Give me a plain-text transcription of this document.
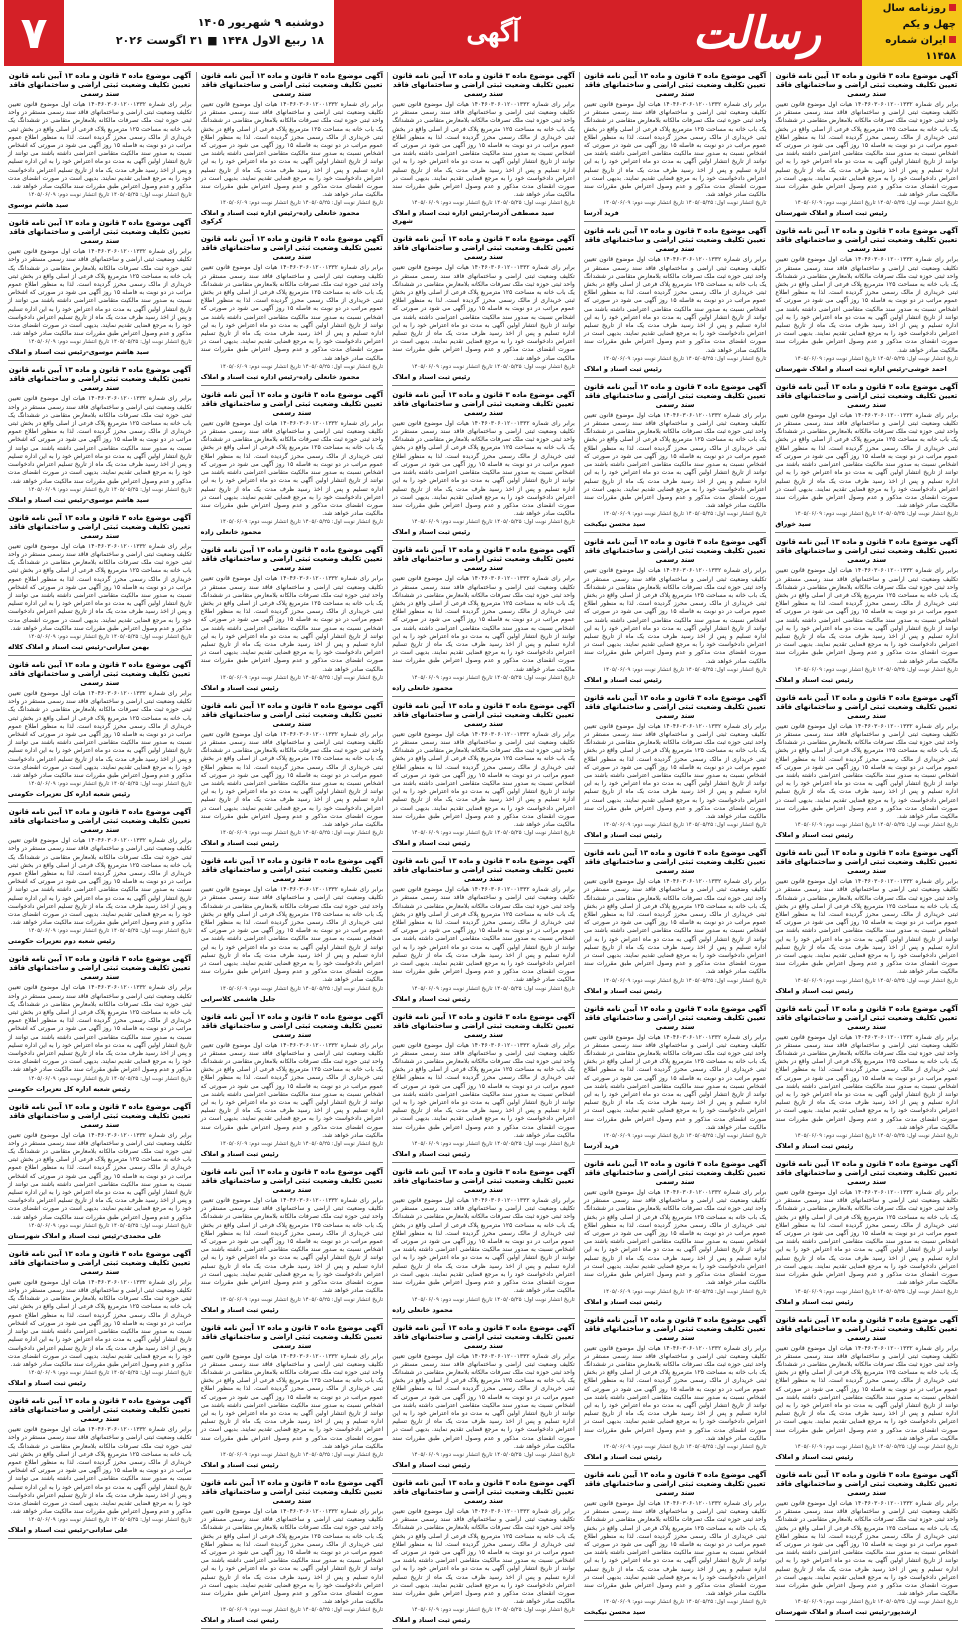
۷	دوشنبه ۹ شهریور ۱۴۰۵
۱۸ ربیع الاول ۱۴۴۸ ■ ۳۱ اگوست ۲۰۲۶	آگهی	رسالت	روزنامه سال چهل و یکم
ایران شماره ۱۱۴۵۸
آگهی موضوع ماده ۳ قانون و ماده ۱۳ آیین نامه قانون تعیین تکلیف وضعیت ثبتی اراضی و ساختمانهای فاقد سند رسمی
برابر رای شماره ۱۴۰۴۶۰۳۰۶۰۱۲۰۰۱۳۳۲ هیات اول موضوع قانون تعیین تکلیف وضعیت ثبتی اراضی و ساختمانهای فاقد سند رسمی مستقر در واحد ثبتی حوزه ثبت ملک تصرفات مالکانه بلامعارض متقاضی در ششدانگ یک باب خانه به مساحت ۱۲۵ مترمربع پلاک فرعی از اصلی واقع در بخش ثبتی خریداری از مالک رسمی محرز گردیده است. لذا به منظور اطلاع عموم مراتب در دو نوبت به فاصله ۱۵ روز آگهی می شود در صورتی که اشخاص نسبت به صدور سند مالکیت متقاضی اعتراضی داشته باشند می توانند از تاریخ انتشار اولین آگهی به مدت دو ماه اعتراض خود را به این اداره تسلیم و پس از اخذ رسید ظرف مدت یک ماه از تاریخ تسلیم اعتراض دادخواست خود را به مرجع قضایی تقدیم نمایند. بدیهی است در صورت انقضای مدت مذکور و عدم وصول اعتراض طبق مقررات سند مالکیت صادر خواهد شد.
تاریخ انتشار نوبت اول: ۱۴۰۵/۰۵/۲۵ تاریخ انتشار نوبت دوم: ۱۴۰۵/۰۶/۰۹
رئیس ثبت اسناد و املاک شهرستان
آگهی موضوع ماده ۳ قانون و ماده ۱۳ آیین نامه قانون تعیین تکلیف وضعیت ثبتی اراضی و ساختمانهای فاقد سند رسمی
برابر رای شماره ۱۴۰۴۶۰۳۰۶۰۱۲۰۰۱۳۳۲ هیات اول موضوع قانون تعیین تکلیف وضعیت ثبتی اراضی و ساختمانهای فاقد سند رسمی مستقر در واحد ثبتی حوزه ثبت ملک تصرفات مالکانه بلامعارض متقاضی در ششدانگ یک باب خانه به مساحت ۱۲۵ مترمربع پلاک فرعی از اصلی واقع در بخش ثبتی خریداری از مالک رسمی محرز گردیده است. لذا به منظور اطلاع عموم مراتب در دو نوبت به فاصله ۱۵ روز آگهی می شود در صورتی که اشخاص نسبت به صدور سند مالکیت متقاضی اعتراضی داشته باشند می توانند از تاریخ انتشار اولین آگهی به مدت دو ماه اعتراض خود را به این اداره تسلیم و پس از اخذ رسید ظرف مدت یک ماه از تاریخ تسلیم اعتراض دادخواست خود را به مرجع قضایی تقدیم نمایند. بدیهی است در صورت انقضای مدت مذکور و عدم وصول اعتراض طبق مقررات سند مالکیت صادر خواهد شد.
تاریخ انتشار نوبت اول: ۱۴۰۵/۰۵/۲۵ تاریخ انتشار نوبت دوم: ۱۴۰۵/۰۶/۰۹
احمد خوشی-رئیس اداره ثبت اسناد و املاک شهرستان
آگهی موضوع ماده ۳ قانون و ماده ۱۳ آیین نامه قانون تعیین تکلیف وضعیت ثبتی اراضی و ساختمانهای فاقد سند رسمی
برابر رای شماره ۱۴۰۴۶۰۳۰۶۰۱۲۰۰۱۳۳۲ هیات اول موضوع قانون تعیین تکلیف وضعیت ثبتی اراضی و ساختمانهای فاقد سند رسمی مستقر در واحد ثبتی حوزه ثبت ملک تصرفات مالکانه بلامعارض متقاضی در ششدانگ یک باب خانه به مساحت ۱۲۵ مترمربع پلاک فرعی از اصلی واقع در بخش ثبتی خریداری از مالک رسمی محرز گردیده است. لذا به منظور اطلاع عموم مراتب در دو نوبت به فاصله ۱۵ روز آگهی می شود در صورتی که اشخاص نسبت به صدور سند مالکیت متقاضی اعتراضی داشته باشند می توانند از تاریخ انتشار اولین آگهی به مدت دو ماه اعتراض خود را به این اداره تسلیم و پس از اخذ رسید ظرف مدت یک ماه از تاریخ تسلیم اعتراض دادخواست خود را به مرجع قضایی تقدیم نمایند. بدیهی است در صورت انقضای مدت مذکور و عدم وصول اعتراض طبق مقررات سند مالکیت صادر خواهد شد.
تاریخ انتشار نوبت اول: ۱۴۰۵/۰۵/۲۵ تاریخ انتشار نوبت دوم: ۱۴۰۵/۰۶/۰۹
سید خوراق
آگهی موضوع ماده ۳ قانون و ماده ۱۳ آیین نامه قانون تعیین تکلیف وضعیت ثبتی اراضی و ساختمانهای فاقد سند رسمی
برابر رای شماره ۱۴۰۴۶۰۳۰۶۰۱۲۰۰۱۳۳۲ هیات اول موضوع قانون تعیین تکلیف وضعیت ثبتی اراضی و ساختمانهای فاقد سند رسمی مستقر در واحد ثبتی حوزه ثبت ملک تصرفات مالکانه بلامعارض متقاضی در ششدانگ یک باب خانه به مساحت ۱۲۵ مترمربع پلاک فرعی از اصلی واقع در بخش ثبتی خریداری از مالک رسمی محرز گردیده است. لذا به منظور اطلاع عموم مراتب در دو نوبت به فاصله ۱۵ روز آگهی می شود در صورتی که اشخاص نسبت به صدور سند مالکیت متقاضی اعتراضی داشته باشند می توانند از تاریخ انتشار اولین آگهی به مدت دو ماه اعتراض خود را به این اداره تسلیم و پس از اخذ رسید ظرف مدت یک ماه از تاریخ تسلیم اعتراض دادخواست خود را به مرجع قضایی تقدیم نمایند. بدیهی است در صورت انقضای مدت مذکور و عدم وصول اعتراض طبق مقررات سند مالکیت صادر خواهد شد.
تاریخ انتشار نوبت اول: ۱۴۰۵/۰۵/۲۵ تاریخ انتشار نوبت دوم: ۱۴۰۵/۰۶/۰۹
رئیس ثبت اسناد و املاک
آگهی موضوع ماده ۳ قانون و ماده ۱۳ آیین نامه قانون تعیین تکلیف وضعیت ثبتی اراضی و ساختمانهای فاقد سند رسمی
برابر رای شماره ۱۴۰۴۶۰۳۰۶۰۱۲۰۰۱۳۳۲ هیات اول موضوع قانون تعیین تکلیف وضعیت ثبتی اراضی و ساختمانهای فاقد سند رسمی مستقر در واحد ثبتی حوزه ثبت ملک تصرفات مالکانه بلامعارض متقاضی در ششدانگ یک باب خانه به مساحت ۱۲۵ مترمربع پلاک فرعی از اصلی واقع در بخش ثبتی خریداری از مالک رسمی محرز گردیده است. لذا به منظور اطلاع عموم مراتب در دو نوبت به فاصله ۱۵ روز آگهی می شود در صورتی که اشخاص نسبت به صدور سند مالکیت متقاضی اعتراضی داشته باشند می توانند از تاریخ انتشار اولین آگهی به مدت دو ماه اعتراض خود را به این اداره تسلیم و پس از اخذ رسید ظرف مدت یک ماه از تاریخ تسلیم اعتراض دادخواست خود را به مرجع قضایی تقدیم نمایند. بدیهی است در صورت انقضای مدت مذکور و عدم وصول اعتراض طبق مقررات سند مالکیت صادر خواهد شد.
تاریخ انتشار نوبت اول: ۱۴۰۵/۰۵/۲۵ تاریخ انتشار نوبت دوم: ۱۴۰۵/۰۶/۰۹
رئیس ثبت اسناد و املاک
آگهی موضوع ماده ۳ قانون و ماده ۱۳ آیین نامه قانون تعیین تکلیف وضعیت ثبتی اراضی و ساختمانهای فاقد سند رسمی
برابر رای شماره ۱۴۰۴۶۰۳۰۶۰۱۲۰۰۱۳۳۲ هیات اول موضوع قانون تعیین تکلیف وضعیت ثبتی اراضی و ساختمانهای فاقد سند رسمی مستقر در واحد ثبتی حوزه ثبت ملک تصرفات مالکانه بلامعارض متقاضی در ششدانگ یک باب خانه به مساحت ۱۲۵ مترمربع پلاک فرعی از اصلی واقع در بخش ثبتی خریداری از مالک رسمی محرز گردیده است. لذا به منظور اطلاع عموم مراتب در دو نوبت به فاصله ۱۵ روز آگهی می شود در صورتی که اشخاص نسبت به صدور سند مالکیت متقاضی اعتراضی داشته باشند می توانند از تاریخ انتشار اولین آگهی به مدت دو ماه اعتراض خود را به این اداره تسلیم و پس از اخذ رسید ظرف مدت یک ماه از تاریخ تسلیم اعتراض دادخواست خود را به مرجع قضایی تقدیم نمایند. بدیهی است در صورت انقضای مدت مذکور و عدم وصول اعتراض طبق مقررات سند مالکیت صادر خواهد شد.
تاریخ انتشار نوبت اول: ۱۴۰۵/۰۵/۲۵ تاریخ انتشار نوبت دوم: ۱۴۰۵/۰۶/۰۹
رئیس ثبت اسناد و املاک
آگهی موضوع ماده ۳ قانون و ماده ۱۳ آیین نامه قانون تعیین تکلیف وضعیت ثبتی اراضی و ساختمانهای فاقد سند رسمی
برابر رای شماره ۱۴۰۴۶۰۳۰۶۰۱۲۰۰۱۳۳۲ هیات اول موضوع قانون تعیین تکلیف وضعیت ثبتی اراضی و ساختمانهای فاقد سند رسمی مستقر در واحد ثبتی حوزه ثبت ملک تصرفات مالکانه بلامعارض متقاضی در ششدانگ یک باب خانه به مساحت ۱۲۵ مترمربع پلاک فرعی از اصلی واقع در بخش ثبتی خریداری از مالک رسمی محرز گردیده است. لذا به منظور اطلاع عموم مراتب در دو نوبت به فاصله ۱۵ روز آگهی می شود در صورتی که اشخاص نسبت به صدور سند مالکیت متقاضی اعتراضی داشته باشند می توانند از تاریخ انتشار اولین آگهی به مدت دو ماه اعتراض خود را به این اداره تسلیم و پس از اخذ رسید ظرف مدت یک ماه از تاریخ تسلیم اعتراض دادخواست خود را به مرجع قضایی تقدیم نمایند. بدیهی است در صورت انقضای مدت مذکور و عدم وصول اعتراض طبق مقررات سند مالکیت صادر خواهد شد.
تاریخ انتشار نوبت اول: ۱۴۰۵/۰۵/۲۵ تاریخ انتشار نوبت دوم: ۱۴۰۵/۰۶/۰۹
رئیس ثبت اسناد و املاک
آگهی موضوع ماده ۳ قانون و ماده ۱۳ آیین نامه قانون تعیین تکلیف وضعیت ثبتی اراضی و ساختمانهای فاقد سند رسمی
برابر رای شماره ۱۴۰۴۶۰۳۰۶۰۱۲۰۰۱۳۳۲ هیات اول موضوع قانون تعیین تکلیف وضعیت ثبتی اراضی و ساختمانهای فاقد سند رسمی مستقر در واحد ثبتی حوزه ثبت ملک تصرفات مالکانه بلامعارض متقاضی در ششدانگ یک باب خانه به مساحت ۱۲۵ مترمربع پلاک فرعی از اصلی واقع در بخش ثبتی خریداری از مالک رسمی محرز گردیده است. لذا به منظور اطلاع عموم مراتب در دو نوبت به فاصله ۱۵ روز آگهی می شود در صورتی که اشخاص نسبت به صدور سند مالکیت متقاضی اعتراضی داشته باشند می توانند از تاریخ انتشار اولین آگهی به مدت دو ماه اعتراض خود را به این اداره تسلیم و پس از اخذ رسید ظرف مدت یک ماه از تاریخ تسلیم اعتراض دادخواست خود را به مرجع قضایی تقدیم نمایند. بدیهی است در صورت انقضای مدت مذکور و عدم وصول اعتراض طبق مقررات سند مالکیت صادر خواهد شد.
تاریخ انتشار نوبت اول: ۱۴۰۵/۰۵/۲۵ تاریخ انتشار نوبت دوم: ۱۴۰۵/۰۶/۰۹
رئیس ثبت اسناد و املاک
آگهی موضوع ماده ۳ قانون و ماده ۱۳ آیین نامه قانون تعیین تکلیف وضعیت ثبتی اراضی و ساختمانهای فاقد سند رسمی
برابر رای شماره ۱۴۰۴۶۰۳۰۶۰۱۲۰۰۱۳۳۲ هیات اول موضوع قانون تعیین تکلیف وضعیت ثبتی اراضی و ساختمانهای فاقد سند رسمی مستقر در واحد ثبتی حوزه ثبت ملک تصرفات مالکانه بلامعارض متقاضی در ششدانگ یک باب خانه به مساحت ۱۲۵ مترمربع پلاک فرعی از اصلی واقع در بخش ثبتی خریداری از مالک رسمی محرز گردیده است. لذا به منظور اطلاع عموم مراتب در دو نوبت به فاصله ۱۵ روز آگهی می شود در صورتی که اشخاص نسبت به صدور سند مالکیت متقاضی اعتراضی داشته باشند می توانند از تاریخ انتشار اولین آگهی به مدت دو ماه اعتراض خود را به این اداره تسلیم و پس از اخذ رسید ظرف مدت یک ماه از تاریخ تسلیم اعتراض دادخواست خود را به مرجع قضایی تقدیم نمایند. بدیهی است در صورت انقضای مدت مذکور و عدم وصول اعتراض طبق مقررات سند مالکیت صادر خواهد شد.
تاریخ انتشار نوبت اول: ۱۴۰۵/۰۵/۲۵ تاریخ انتشار نوبت دوم: ۱۴۰۵/۰۶/۰۹
رئیس ثبت اسناد و املاک
آگهی موضوع ماده ۳ قانون و ماده ۱۳ آیین نامه قانون تعیین تکلیف وضعیت ثبتی اراضی و ساختمانهای فاقد سند رسمی
برابر رای شماره ۱۴۰۴۶۰۳۰۶۰۱۲۰۰۱۳۳۲ هیات اول موضوع قانون تعیین تکلیف وضعیت ثبتی اراضی و ساختمانهای فاقد سند رسمی مستقر در واحد ثبتی حوزه ثبت ملک تصرفات مالکانه بلامعارض متقاضی در ششدانگ یک باب خانه به مساحت ۱۲۵ مترمربع پلاک فرعی از اصلی واقع در بخش ثبتی خریداری از مالک رسمی محرز گردیده است. لذا به منظور اطلاع عموم مراتب در دو نوبت به فاصله ۱۵ روز آگهی می شود در صورتی که اشخاص نسبت به صدور سند مالکیت متقاضی اعتراضی داشته باشند می توانند از تاریخ انتشار اولین آگهی به مدت دو ماه اعتراض خود را به این اداره تسلیم و پس از اخذ رسید ظرف مدت یک ماه از تاریخ تسلیم اعتراض دادخواست خود را به مرجع قضایی تقدیم نمایند. بدیهی است در صورت انقضای مدت مذکور و عدم وصول اعتراض طبق مقررات سند مالکیت صادر خواهد شد.
تاریخ انتشار نوبت اول: ۱۴۰۵/۰۵/۲۵ تاریخ انتشار نوبت دوم: ۱۴۰۵/۰۶/۰۹
ارشدپور-رئیس ثبت اسناد و املاک شهرستان
آگهی موضوع ماده ۳ قانون و ماده ۱۳ آیین نامه قانون تعیین تکلیف وضعیت ثبتی اراضی و ساختمانهای فاقد سند رسمی
برابر رای شماره ۱۴۰۴۶۰۳۰۶۰۱۲۰۰۱۳۳۲ هیات اول موضوع قانون تعیین تکلیف وضعیت ثبتی اراضی و ساختمانهای فاقد سند رسمی مستقر در واحد ثبتی حوزه ثبت ملک تصرفات مالکانه بلامعارض متقاضی در ششدانگ یک باب خانه به مساحت ۱۲۵ مترمربع پلاک فرعی از اصلی واقع در بخش ثبتی خریداری از مالک رسمی محرز گردیده است. لذا به منظور اطلاع عموم مراتب در دو نوبت به فاصله ۱۵ روز آگهی می شود در صورتی که اشخاص نسبت به صدور سند مالکیت متقاضی اعتراضی داشته باشند می توانند از تاریخ انتشار اولین آگهی به مدت دو ماه اعتراض خود را به این اداره تسلیم و پس از اخذ رسید ظرف مدت یک ماه از تاریخ تسلیم اعتراض دادخواست خود را به مرجع قضایی تقدیم نمایند. بدیهی است در صورت انقضای مدت مذکور و عدم وصول اعتراض طبق مقررات سند مالکیت صادر خواهد شد.
تاریخ انتشار نوبت اول: ۱۴۰۵/۰۵/۲۵ تاریخ انتشار نوبت دوم: ۱۴۰۵/۰۶/۰۹
فرید آذرسا
آگهی موضوع ماده ۳ قانون و ماده ۱۳ آیین نامه قانون تعیین تکلیف وضعیت ثبتی اراضی و ساختمانهای فاقد سند رسمی
برابر رای شماره ۱۴۰۴۶۰۳۰۶۰۱۲۰۰۱۳۳۲ هیات اول موضوع قانون تعیین تکلیف وضعیت ثبتی اراضی و ساختمانهای فاقد سند رسمی مستقر در واحد ثبتی حوزه ثبت ملک تصرفات مالکانه بلامعارض متقاضی در ششدانگ یک باب خانه به مساحت ۱۲۵ مترمربع پلاک فرعی از اصلی واقع در بخش ثبتی خریداری از مالک رسمی محرز گردیده است. لذا به منظور اطلاع عموم مراتب در دو نوبت به فاصله ۱۵ روز آگهی می شود در صورتی که اشخاص نسبت به صدور سند مالکیت متقاضی اعتراضی داشته باشند می توانند از تاریخ انتشار اولین آگهی به مدت دو ماه اعتراض خود را به این اداره تسلیم و پس از اخذ رسید ظرف مدت یک ماه از تاریخ تسلیم اعتراض دادخواست خود را به مرجع قضایی تقدیم نمایند. بدیهی است در صورت انقضای مدت مذکور و عدم وصول اعتراض طبق مقررات سند مالکیت صادر خواهد شد.
تاریخ انتشار نوبت اول: ۱۴۰۵/۰۵/۲۵ تاریخ انتشار نوبت دوم: ۱۴۰۵/۰۶/۰۹
رئیس ثبت اسناد و املاک
آگهی موضوع ماده ۳ قانون و ماده ۱۳ آیین نامه قانون تعیین تکلیف وضعیت ثبتی اراضی و ساختمانهای فاقد سند رسمی
برابر رای شماره ۱۴۰۴۶۰۳۰۶۰۱۲۰۰۱۳۳۲ هیات اول موضوع قانون تعیین تکلیف وضعیت ثبتی اراضی و ساختمانهای فاقد سند رسمی مستقر در واحد ثبتی حوزه ثبت ملک تصرفات مالکانه بلامعارض متقاضی در ششدانگ یک باب خانه به مساحت ۱۲۵ مترمربع پلاک فرعی از اصلی واقع در بخش ثبتی خریداری از مالک رسمی محرز گردیده است. لذا به منظور اطلاع عموم مراتب در دو نوبت به فاصله ۱۵ روز آگهی می شود در صورتی که اشخاص نسبت به صدور سند مالکیت متقاضی اعتراضی داشته باشند می توانند از تاریخ انتشار اولین آگهی به مدت دو ماه اعتراض خود را به این اداره تسلیم و پس از اخذ رسید ظرف مدت یک ماه از تاریخ تسلیم اعتراض دادخواست خود را به مرجع قضایی تقدیم نمایند. بدیهی است در صورت انقضای مدت مذکور و عدم وصول اعتراض طبق مقررات سند مالکیت صادر خواهد شد.
تاریخ انتشار نوبت اول: ۱۴۰۵/۰۵/۲۵ تاریخ انتشار نوبت دوم: ۱۴۰۵/۰۶/۰۹
سید محسن نیکبخت
آگهی موضوع ماده ۳ قانون و ماده ۱۳ آیین نامه قانون تعیین تکلیف وضعیت ثبتی اراضی و ساختمانهای فاقد سند رسمی
برابر رای شماره ۱۴۰۴۶۰۳۰۶۰۱۲۰۰۱۳۳۲ هیات اول موضوع قانون تعیین تکلیف وضعیت ثبتی اراضی و ساختمانهای فاقد سند رسمی مستقر در واحد ثبتی حوزه ثبت ملک تصرفات مالکانه بلامعارض متقاضی در ششدانگ یک باب خانه به مساحت ۱۲۵ مترمربع پلاک فرعی از اصلی واقع در بخش ثبتی خریداری از مالک رسمی محرز گردیده است. لذا به منظور اطلاع عموم مراتب در دو نوبت به فاصله ۱۵ روز آگهی می شود در صورتی که اشخاص نسبت به صدور سند مالکیت متقاضی اعتراضی داشته باشند می توانند از تاریخ انتشار اولین آگهی به مدت دو ماه اعتراض خود را به این اداره تسلیم و پس از اخذ رسید ظرف مدت یک ماه از تاریخ تسلیم اعتراض دادخواست خود را به مرجع قضایی تقدیم نمایند. بدیهی است در صورت انقضای مدت مذکور و عدم وصول اعتراض طبق مقررات سند مالکیت صادر خواهد شد.
تاریخ انتشار نوبت اول: ۱۴۰۵/۰۵/۲۵ تاریخ انتشار نوبت دوم: ۱۴۰۵/۰۶/۰۹
رئیس ثبت اسناد و املاک
آگهی موضوع ماده ۳ قانون و ماده ۱۳ آیین نامه قانون تعیین تکلیف وضعیت ثبتی اراضی و ساختمانهای فاقد سند رسمی
برابر رای شماره ۱۴۰۴۶۰۳۰۶۰۱۲۰۰۱۳۳۲ هیات اول موضوع قانون تعیین تکلیف وضعیت ثبتی اراضی و ساختمانهای فاقد سند رسمی مستقر در واحد ثبتی حوزه ثبت ملک تصرفات مالکانه بلامعارض متقاضی در ششدانگ یک باب خانه به مساحت ۱۲۵ مترمربع پلاک فرعی از اصلی واقع در بخش ثبتی خریداری از مالک رسمی محرز گردیده است. لذا به منظور اطلاع عموم مراتب در دو نوبت به فاصله ۱۵ روز آگهی می شود در صورتی که اشخاص نسبت به صدور سند مالکیت متقاضی اعتراضی داشته باشند می توانند از تاریخ انتشار اولین آگهی به مدت دو ماه اعتراض خود را به این اداره تسلیم و پس از اخذ رسید ظرف مدت یک ماه از تاریخ تسلیم اعتراض دادخواست خود را به مرجع قضایی تقدیم نمایند. بدیهی است در صورت انقضای مدت مذکور و عدم وصول اعتراض طبق مقررات سند مالکیت صادر خواهد شد.
تاریخ انتشار نوبت اول: ۱۴۰۵/۰۵/۲۵ تاریخ انتشار نوبت دوم: ۱۴۰۵/۰۶/۰۹
رئیس ثبت اسناد و املاک
آگهی موضوع ماده ۳ قانون و ماده ۱۳ آیین نامه قانون تعیین تکلیف وضعیت ثبتی اراضی و ساختمانهای فاقد سند رسمی
برابر رای شماره ۱۴۰۴۶۰۳۰۶۰۱۲۰۰۱۳۳۲ هیات اول موضوع قانون تعیین تکلیف وضعیت ثبتی اراضی و ساختمانهای فاقد سند رسمی مستقر در واحد ثبتی حوزه ثبت ملک تصرفات مالکانه بلامعارض متقاضی در ششدانگ یک باب خانه به مساحت ۱۲۵ مترمربع پلاک فرعی از اصلی واقع در بخش ثبتی خریداری از مالک رسمی محرز گردیده است. لذا به منظور اطلاع عموم مراتب در دو نوبت به فاصله ۱۵ روز آگهی می شود در صورتی که اشخاص نسبت به صدور سند مالکیت متقاضی اعتراضی داشته باشند می توانند از تاریخ انتشار اولین آگهی به مدت دو ماه اعتراض خود را به این اداره تسلیم و پس از اخذ رسید ظرف مدت یک ماه از تاریخ تسلیم اعتراض دادخواست خود را به مرجع قضایی تقدیم نمایند. بدیهی است در صورت انقضای مدت مذکور و عدم وصول اعتراض طبق مقررات سند مالکیت صادر خواهد شد.
تاریخ انتشار نوبت اول: ۱۴۰۵/۰۵/۲۵ تاریخ انتشار نوبت دوم: ۱۴۰۵/۰۶/۰۹
رئیس ثبت اسناد و املاک
آگهی موضوع ماده ۳ قانون و ماده ۱۳ آیین نامه قانون تعیین تکلیف وضعیت ثبتی اراضی و ساختمانهای فاقد سند رسمی
برابر رای شماره ۱۴۰۴۶۰۳۰۶۰۱۲۰۰۱۳۳۲ هیات اول موضوع قانون تعیین تکلیف وضعیت ثبتی اراضی و ساختمانهای فاقد سند رسمی مستقر در واحد ثبتی حوزه ثبت ملک تصرفات مالکانه بلامعارض متقاضی در ششدانگ یک باب خانه به مساحت ۱۲۵ مترمربع پلاک فرعی از اصلی واقع در بخش ثبتی خریداری از مالک رسمی محرز گردیده است. لذا به منظور اطلاع عموم مراتب در دو نوبت به فاصله ۱۵ روز آگهی می شود در صورتی که اشخاص نسبت به صدور سند مالکیت متقاضی اعتراضی داشته باشند می توانند از تاریخ انتشار اولین آگهی به مدت دو ماه اعتراض خود را به این اداره تسلیم و پس از اخذ رسید ظرف مدت یک ماه از تاریخ تسلیم اعتراض دادخواست خود را به مرجع قضایی تقدیم نمایند. بدیهی است در صورت انقضای مدت مذکور و عدم وصول اعتراض طبق مقررات سند مالکیت صادر خواهد شد.
تاریخ انتشار نوبت اول: ۱۴۰۵/۰۵/۲۵ تاریخ انتشار نوبت دوم: ۱۴۰۵/۰۶/۰۹
فرید آذرسا
آگهی موضوع ماده ۳ قانون و ماده ۱۳ آیین نامه قانون تعیین تکلیف وضعیت ثبتی اراضی و ساختمانهای فاقد سند رسمی
برابر رای شماره ۱۴۰۴۶۰۳۰۶۰۱۲۰۰۱۳۳۲ هیات اول موضوع قانون تعیین تکلیف وضعیت ثبتی اراضی و ساختمانهای فاقد سند رسمی مستقر در واحد ثبتی حوزه ثبت ملک تصرفات مالکانه بلامعارض متقاضی در ششدانگ یک باب خانه به مساحت ۱۲۵ مترمربع پلاک فرعی از اصلی واقع در بخش ثبتی خریداری از مالک رسمی محرز گردیده است. لذا به منظور اطلاع عموم مراتب در دو نوبت به فاصله ۱۵ روز آگهی می شود در صورتی که اشخاص نسبت به صدور سند مالکیت متقاضی اعتراضی داشته باشند می توانند از تاریخ انتشار اولین آگهی به مدت دو ماه اعتراض خود را به این اداره تسلیم و پس از اخذ رسید ظرف مدت یک ماه از تاریخ تسلیم اعتراض دادخواست خود را به مرجع قضایی تقدیم نمایند. بدیهی است در صورت انقضای مدت مذکور و عدم وصول اعتراض طبق مقررات سند مالکیت صادر خواهد شد.
تاریخ انتشار نوبت اول: ۱۴۰۵/۰۵/۲۵ تاریخ انتشار نوبت دوم: ۱۴۰۵/۰۶/۰۹
رئیس ثبت اسناد و املاک
آگهی موضوع ماده ۳ قانون و ماده ۱۳ آیین نامه قانون تعیین تکلیف وضعیت ثبتی اراضی و ساختمانهای فاقد سند رسمی
برابر رای شماره ۱۴۰۴۶۰۳۰۶۰۱۲۰۰۱۳۳۲ هیات اول موضوع قانون تعیین تکلیف وضعیت ثبتی اراضی و ساختمانهای فاقد سند رسمی مستقر در واحد ثبتی حوزه ثبت ملک تصرفات مالکانه بلامعارض متقاضی در ششدانگ یک باب خانه به مساحت ۱۲۵ مترمربع پلاک فرعی از اصلی واقع در بخش ثبتی خریداری از مالک رسمی محرز گردیده است. لذا به منظور اطلاع عموم مراتب در دو نوبت به فاصله ۱۵ روز آگهی می شود در صورتی که اشخاص نسبت به صدور سند مالکیت متقاضی اعتراضی داشته باشند می توانند از تاریخ انتشار اولین آگهی به مدت دو ماه اعتراض خود را به این اداره تسلیم و پس از اخذ رسید ظرف مدت یک ماه از تاریخ تسلیم اعتراض دادخواست خود را به مرجع قضایی تقدیم نمایند. بدیهی است در صورت انقضای مدت مذکور و عدم وصول اعتراض طبق مقررات سند مالکیت صادر خواهد شد.
تاریخ انتشار نوبت اول: ۱۴۰۵/۰۵/۲۵ تاریخ انتشار نوبت دوم: ۱۴۰۵/۰۶/۰۹
رئیس ثبت اسناد و املاک
آگهی موضوع ماده ۳ قانون و ماده ۱۳ آیین نامه قانون تعیین تکلیف وضعیت ثبتی اراضی و ساختمانهای فاقد سند رسمی
برابر رای شماره ۱۴۰۴۶۰۳۰۶۰۱۲۰۰۱۳۳۲ هیات اول موضوع قانون تعیین تکلیف وضعیت ثبتی اراضی و ساختمانهای فاقد سند رسمی مستقر در واحد ثبتی حوزه ثبت ملک تصرفات مالکانه بلامعارض متقاضی در ششدانگ یک باب خانه به مساحت ۱۲۵ مترمربع پلاک فرعی از اصلی واقع در بخش ثبتی خریداری از مالک رسمی محرز گردیده است. لذا به منظور اطلاع عموم مراتب در دو نوبت به فاصله ۱۵ روز آگهی می شود در صورتی که اشخاص نسبت به صدور سند مالکیت متقاضی اعتراضی داشته باشند می توانند از تاریخ انتشار اولین آگهی به مدت دو ماه اعتراض خود را به این اداره تسلیم و پس از اخذ رسید ظرف مدت یک ماه از تاریخ تسلیم اعتراض دادخواست خود را به مرجع قضایی تقدیم نمایند. بدیهی است در صورت انقضای مدت مذکور و عدم وصول اعتراض طبق مقررات سند مالکیت صادر خواهد شد.
تاریخ انتشار نوبت اول: ۱۴۰۵/۰۵/۲۵ تاریخ انتشار نوبت دوم: ۱۴۰۵/۰۶/۰۹
سید محسن نیکبخت
آگهی موضوع ماده ۳ قانون و ماده ۱۳ آیین نامه قانون تعیین تکلیف وضعیت ثبتی اراضی و ساختمانهای فاقد سند رسمی
برابر رای شماره ۱۴۰۴۶۰۳۰۶۰۱۲۰۰۱۳۳۲ هیات اول موضوع قانون تعیین تکلیف وضعیت ثبتی اراضی و ساختمانهای فاقد سند رسمی مستقر در واحد ثبتی حوزه ثبت ملک تصرفات مالکانه بلامعارض متقاضی در ششدانگ یک باب خانه به مساحت ۱۲۵ مترمربع پلاک فرعی از اصلی واقع در بخش ثبتی خریداری از مالک رسمی محرز گردیده است. لذا به منظور اطلاع عموم مراتب در دو نوبت به فاصله ۱۵ روز آگهی می شود در صورتی که اشخاص نسبت به صدور سند مالکیت متقاضی اعتراضی داشته باشند می توانند از تاریخ انتشار اولین آگهی به مدت دو ماه اعتراض خود را به این اداره تسلیم و پس از اخذ رسید ظرف مدت یک ماه از تاریخ تسلیم اعتراض دادخواست خود را به مرجع قضایی تقدیم نمایند. بدیهی است در صورت انقضای مدت مذکور و عدم وصول اعتراض طبق مقررات سند مالکیت صادر خواهد شد.
تاریخ انتشار نوبت اول: ۱۴۰۵/۰۵/۲۵ تاریخ انتشار نوبت دوم: ۱۴۰۵/۰۶/۰۹
سید مصطفی آذرسا-رئیس اداره ثبت اسناد و املاک شهری
آگهی موضوع ماده ۳ قانون و ماده ۱۳ آیین نامه قانون تعیین تکلیف وضعیت ثبتی اراضی و ساختمانهای فاقد سند رسمی
برابر رای شماره ۱۴۰۴۶۰۳۰۶۰۱۲۰۰۱۳۳۲ هیات اول موضوع قانون تعیین تکلیف وضعیت ثبتی اراضی و ساختمانهای فاقد سند رسمی مستقر در واحد ثبتی حوزه ثبت ملک تصرفات مالکانه بلامعارض متقاضی در ششدانگ یک باب خانه به مساحت ۱۲۵ مترمربع پلاک فرعی از اصلی واقع در بخش ثبتی خریداری از مالک رسمی محرز گردیده است. لذا به منظور اطلاع عموم مراتب در دو نوبت به فاصله ۱۵ روز آگهی می شود در صورتی که اشخاص نسبت به صدور سند مالکیت متقاضی اعتراضی داشته باشند می توانند از تاریخ انتشار اولین آگهی به مدت دو ماه اعتراض خود را به این اداره تسلیم و پس از اخذ رسید ظرف مدت یک ماه از تاریخ تسلیم اعتراض دادخواست خود را به مرجع قضایی تقدیم نمایند. بدیهی است در صورت انقضای مدت مذکور و عدم وصول اعتراض طبق مقررات سند مالکیت صادر خواهد شد.
تاریخ انتشار نوبت اول: ۱۴۰۵/۰۵/۲۵ تاریخ انتشار نوبت دوم: ۱۴۰۵/۰۶/۰۹
رئیس ثبت اسناد و املاک
آگهی موضوع ماده ۳ قانون و ماده ۱۳ آیین نامه قانون تعیین تکلیف وضعیت ثبتی اراضی و ساختمانهای فاقد سند رسمی
برابر رای شماره ۱۴۰۴۶۰۳۰۶۰۱۲۰۰۱۳۳۲ هیات اول موضوع قانون تعیین تکلیف وضعیت ثبتی اراضی و ساختمانهای فاقد سند رسمی مستقر در واحد ثبتی حوزه ثبت ملک تصرفات مالکانه بلامعارض متقاضی در ششدانگ یک باب خانه به مساحت ۱۲۵ مترمربع پلاک فرعی از اصلی واقع در بخش ثبتی خریداری از مالک رسمی محرز گردیده است. لذا به منظور اطلاع عموم مراتب در دو نوبت به فاصله ۱۵ روز آگهی می شود در صورتی که اشخاص نسبت به صدور سند مالکیت متقاضی اعتراضی داشته باشند می توانند از تاریخ انتشار اولین آگهی به مدت دو ماه اعتراض خود را به این اداره تسلیم و پس از اخذ رسید ظرف مدت یک ماه از تاریخ تسلیم اعتراض دادخواست خود را به مرجع قضایی تقدیم نمایند. بدیهی است در صورت انقضای مدت مذکور و عدم وصول اعتراض طبق مقررات سند مالکیت صادر خواهد شد.
تاریخ انتشار نوبت اول: ۱۴۰۵/۰۵/۲۵ تاریخ انتشار نوبت دوم: ۱۴۰۵/۰۶/۰۹
رئیس ثبت اسناد و املاک
آگهی موضوع ماده ۳ قانون و ماده ۱۳ آیین نامه قانون تعیین تکلیف وضعیت ثبتی اراضی و ساختمانهای فاقد سند رسمی
برابر رای شماره ۱۴۰۴۶۰۳۰۶۰۱۲۰۰۱۳۳۲ هیات اول موضوع قانون تعیین تکلیف وضعیت ثبتی اراضی و ساختمانهای فاقد سند رسمی مستقر در واحد ثبتی حوزه ثبت ملک تصرفات مالکانه بلامعارض متقاضی در ششدانگ یک باب خانه به مساحت ۱۲۵ مترمربع پلاک فرعی از اصلی واقع در بخش ثبتی خریداری از مالک رسمی محرز گردیده است. لذا به منظور اطلاع عموم مراتب در دو نوبت به فاصله ۱۵ روز آگهی می شود در صورتی که اشخاص نسبت به صدور سند مالکیت متقاضی اعتراضی داشته باشند می توانند از تاریخ انتشار اولین آگهی به مدت دو ماه اعتراض خود را به این اداره تسلیم و پس از اخذ رسید ظرف مدت یک ماه از تاریخ تسلیم اعتراض دادخواست خود را به مرجع قضایی تقدیم نمایند. بدیهی است در صورت انقضای مدت مذکور و عدم وصول اعتراض طبق مقررات سند مالکیت صادر خواهد شد.
تاریخ انتشار نوبت اول: ۱۴۰۵/۰۵/۲۵ تاریخ انتشار نوبت دوم: ۱۴۰۵/۰۶/۰۹
محمود خانعلی زاده
آگهی موضوع ماده ۳ قانون و ماده ۱۳ آیین نامه قانون تعیین تکلیف وضعیت ثبتی اراضی و ساختمانهای فاقد سند رسمی
برابر رای شماره ۱۴۰۴۶۰۳۰۶۰۱۲۰۰۱۳۳۲ هیات اول موضوع قانون تعیین تکلیف وضعیت ثبتی اراضی و ساختمانهای فاقد سند رسمی مستقر در واحد ثبتی حوزه ثبت ملک تصرفات مالکانه بلامعارض متقاضی در ششدانگ یک باب خانه به مساحت ۱۲۵ مترمربع پلاک فرعی از اصلی واقع در بخش ثبتی خریداری از مالک رسمی محرز گردیده است. لذا به منظور اطلاع عموم مراتب در دو نوبت به فاصله ۱۵ روز آگهی می شود در صورتی که اشخاص نسبت به صدور سند مالکیت متقاضی اعتراضی داشته باشند می توانند از تاریخ انتشار اولین آگهی به مدت دو ماه اعتراض خود را به این اداره تسلیم و پس از اخذ رسید ظرف مدت یک ماه از تاریخ تسلیم اعتراض دادخواست خود را به مرجع قضایی تقدیم نمایند. بدیهی است در صورت انقضای مدت مذکور و عدم وصول اعتراض طبق مقررات سند مالکیت صادر خواهد شد.
تاریخ انتشار نوبت اول: ۱۴۰۵/۰۵/۲۵ تاریخ انتشار نوبت دوم: ۱۴۰۵/۰۶/۰۹
رئیس ثبت اسناد و املاک
آگهی موضوع ماده ۳ قانون و ماده ۱۳ آیین نامه قانون تعیین تکلیف وضعیت ثبتی اراضی و ساختمانهای فاقد سند رسمی
برابر رای شماره ۱۴۰۴۶۰۳۰۶۰۱۲۰۰۱۳۳۲ هیات اول موضوع قانون تعیین تکلیف وضعیت ثبتی اراضی و ساختمانهای فاقد سند رسمی مستقر در واحد ثبتی حوزه ثبت ملک تصرفات مالکانه بلامعارض متقاضی در ششدانگ یک باب خانه به مساحت ۱۲۵ مترمربع پلاک فرعی از اصلی واقع در بخش ثبتی خریداری از مالک رسمی محرز گردیده است. لذا به منظور اطلاع عموم مراتب در دو نوبت به فاصله ۱۵ روز آگهی می شود در صورتی که اشخاص نسبت به صدور سند مالکیت متقاضی اعتراضی داشته باشند می توانند از تاریخ انتشار اولین آگهی به مدت دو ماه اعتراض خود را به این اداره تسلیم و پس از اخذ رسید ظرف مدت یک ماه از تاریخ تسلیم اعتراض دادخواست خود را به مرجع قضایی تقدیم نمایند. بدیهی است در صورت انقضای مدت مذکور و عدم وصول اعتراض طبق مقررات سند مالکیت صادر خواهد شد.
تاریخ انتشار نوبت اول: ۱۴۰۵/۰۵/۲۵ تاریخ انتشار نوبت دوم: ۱۴۰۵/۰۶/۰۹
رئیس ثبت اسناد و املاک
آگهی موضوع ماده ۳ قانون و ماده ۱۳ آیین نامه قانون تعیین تکلیف وضعیت ثبتی اراضی و ساختمانهای فاقد سند رسمی
برابر رای شماره ۱۴۰۴۶۰۳۰۶۰۱۲۰۰۱۳۳۲ هیات اول موضوع قانون تعیین تکلیف وضعیت ثبتی اراضی و ساختمانهای فاقد سند رسمی مستقر در واحد ثبتی حوزه ثبت ملک تصرفات مالکانه بلامعارض متقاضی در ششدانگ یک باب خانه به مساحت ۱۲۵ مترمربع پلاک فرعی از اصلی واقع در بخش ثبتی خریداری از مالک رسمی محرز گردیده است. لذا به منظور اطلاع عموم مراتب در دو نوبت به فاصله ۱۵ روز آگهی می شود در صورتی که اشخاص نسبت به صدور سند مالکیت متقاضی اعتراضی داشته باشند می توانند از تاریخ انتشار اولین آگهی به مدت دو ماه اعتراض خود را به این اداره تسلیم و پس از اخذ رسید ظرف مدت یک ماه از تاریخ تسلیم اعتراض دادخواست خود را به مرجع قضایی تقدیم نمایند. بدیهی است در صورت انقضای مدت مذکور و عدم وصول اعتراض طبق مقررات سند مالکیت صادر خواهد شد.
تاریخ انتشار نوبت اول: ۱۴۰۵/۰۵/۲۵ تاریخ انتشار نوبت دوم: ۱۴۰۵/۰۶/۰۹
رئیس ثبت اسناد و املاک
آگهی موضوع ماده ۳ قانون و ماده ۱۳ آیین نامه قانون تعیین تکلیف وضعیت ثبتی اراضی و ساختمانهای فاقد سند رسمی
برابر رای شماره ۱۴۰۴۶۰۳۰۶۰۱۲۰۰۱۳۳۲ هیات اول موضوع قانون تعیین تکلیف وضعیت ثبتی اراضی و ساختمانهای فاقد سند رسمی مستقر در واحد ثبتی حوزه ثبت ملک تصرفات مالکانه بلامعارض متقاضی در ششدانگ یک باب خانه به مساحت ۱۲۵ مترمربع پلاک فرعی از اصلی واقع در بخش ثبتی خریداری از مالک رسمی محرز گردیده است. لذا به منظور اطلاع عموم مراتب در دو نوبت به فاصله ۱۵ روز آگهی می شود در صورتی که اشخاص نسبت به صدور سند مالکیت متقاضی اعتراضی داشته باشند می توانند از تاریخ انتشار اولین آگهی به مدت دو ماه اعتراض خود را به این اداره تسلیم و پس از اخذ رسید ظرف مدت یک ماه از تاریخ تسلیم اعتراض دادخواست خود را به مرجع قضایی تقدیم نمایند. بدیهی است در صورت انقضای مدت مذکور و عدم وصول اعتراض طبق مقررات سند مالکیت صادر خواهد شد.
تاریخ انتشار نوبت اول: ۱۴۰۵/۰۵/۲۵ تاریخ انتشار نوبت دوم: ۱۴۰۵/۰۶/۰۹
محمود خانعلی زاده
آگهی موضوع ماده ۳ قانون و ماده ۱۳ آیین نامه قانون تعیین تکلیف وضعیت ثبتی اراضی و ساختمانهای فاقد سند رسمی
برابر رای شماره ۱۴۰۴۶۰۳۰۶۰۱۲۰۰۱۳۳۲ هیات اول موضوع قانون تعیین تکلیف وضعیت ثبتی اراضی و ساختمانهای فاقد سند رسمی مستقر در واحد ثبتی حوزه ثبت ملک تصرفات مالکانه بلامعارض متقاضی در ششدانگ یک باب خانه به مساحت ۱۲۵ مترمربع پلاک فرعی از اصلی واقع در بخش ثبتی خریداری از مالک رسمی محرز گردیده است. لذا به منظور اطلاع عموم مراتب در دو نوبت به فاصله ۱۵ روز آگهی می شود در صورتی که اشخاص نسبت به صدور سند مالکیت متقاضی اعتراضی داشته باشند می توانند از تاریخ انتشار اولین آگهی به مدت دو ماه اعتراض خود را به این اداره تسلیم و پس از اخذ رسید ظرف مدت یک ماه از تاریخ تسلیم اعتراض دادخواست خود را به مرجع قضایی تقدیم نمایند. بدیهی است در صورت انقضای مدت مذکور و عدم وصول اعتراض طبق مقررات سند مالکیت صادر خواهد شد.
تاریخ انتشار نوبت اول: ۱۴۰۵/۰۵/۲۵ تاریخ انتشار نوبت دوم: ۱۴۰۵/۰۶/۰۹
رئیس ثبت اسناد و املاک
آگهی موضوع ماده ۳ قانون و ماده ۱۳ آیین نامه قانون تعیین تکلیف وضعیت ثبتی اراضی و ساختمانهای فاقد سند رسمی
برابر رای شماره ۱۴۰۴۶۰۳۰۶۰۱۲۰۰۱۳۳۲ هیات اول موضوع قانون تعیین تکلیف وضعیت ثبتی اراضی و ساختمانهای فاقد سند رسمی مستقر در واحد ثبتی حوزه ثبت ملک تصرفات مالکانه بلامعارض متقاضی در ششدانگ یک باب خانه به مساحت ۱۲۵ مترمربع پلاک فرعی از اصلی واقع در بخش ثبتی خریداری از مالک رسمی محرز گردیده است. لذا به منظور اطلاع عموم مراتب در دو نوبت به فاصله ۱۵ روز آگهی می شود در صورتی که اشخاص نسبت به صدور سند مالکیت متقاضی اعتراضی داشته باشند می توانند از تاریخ انتشار اولین آگهی به مدت دو ماه اعتراض خود را به این اداره تسلیم و پس از اخذ رسید ظرف مدت یک ماه از تاریخ تسلیم اعتراض دادخواست خود را به مرجع قضایی تقدیم نمایند. بدیهی است در صورت انقضای مدت مذکور و عدم وصول اعتراض طبق مقررات سند مالکیت صادر خواهد شد.
تاریخ انتشار نوبت اول: ۱۴۰۵/۰۵/۲۵ تاریخ انتشار نوبت دوم: ۱۴۰۵/۰۶/۰۹
رئیس ثبت اسناد و املاک
آگهی موضوع ماده ۳ قانون و ماده ۱۳ آیین نامه قانون تعیین تکلیف وضعیت ثبتی اراضی و ساختمانهای فاقد سند رسمی
برابر رای شماره ۱۴۰۴۶۰۳۰۶۰۱۲۰۰۱۳۳۲ هیات اول موضوع قانون تعیین تکلیف وضعیت ثبتی اراضی و ساختمانهای فاقد سند رسمی مستقر در واحد ثبتی حوزه ثبت ملک تصرفات مالکانه بلامعارض متقاضی در ششدانگ یک باب خانه به مساحت ۱۲۵ مترمربع پلاک فرعی از اصلی واقع در بخش ثبتی خریداری از مالک رسمی محرز گردیده است. لذا به منظور اطلاع عموم مراتب در دو نوبت به فاصله ۱۵ روز آگهی می شود در صورتی که اشخاص نسبت به صدور سند مالکیت متقاضی اعتراضی داشته باشند می توانند از تاریخ انتشار اولین آگهی به مدت دو ماه اعتراض خود را به این اداره تسلیم و پس از اخذ رسید ظرف مدت یک ماه از تاریخ تسلیم اعتراض دادخواست خود را به مرجع قضایی تقدیم نمایند. بدیهی است در صورت انقضای مدت مذکور و عدم وصول اعتراض طبق مقررات سند مالکیت صادر خواهد شد.
تاریخ انتشار نوبت اول: ۱۴۰۵/۰۵/۲۵ تاریخ انتشار نوبت دوم: ۱۴۰۵/۰۶/۰۹
محمود خانعلی زاده-رئیس اداره ثبت اسناد و املاک کرکوی
آگهی موضوع ماده ۳ قانون و ماده ۱۳ آیین نامه قانون تعیین تکلیف وضعیت ثبتی اراضی و ساختمانهای فاقد سند رسمی
برابر رای شماره ۱۴۰۴۶۰۳۰۶۰۱۲۰۰۱۳۳۲ هیات اول موضوع قانون تعیین تکلیف وضعیت ثبتی اراضی و ساختمانهای فاقد سند رسمی مستقر در واحد ثبتی حوزه ثبت ملک تصرفات مالکانه بلامعارض متقاضی در ششدانگ یک باب خانه به مساحت ۱۲۵ مترمربع پلاک فرعی از اصلی واقع در بخش ثبتی خریداری از مالک رسمی محرز گردیده است. لذا به منظور اطلاع عموم مراتب در دو نوبت به فاصله ۱۵ روز آگهی می شود در صورتی که اشخاص نسبت به صدور سند مالکیت متقاضی اعتراضی داشته باشند می توانند از تاریخ انتشار اولین آگهی به مدت دو ماه اعتراض خود را به این اداره تسلیم و پس از اخذ رسید ظرف مدت یک ماه از تاریخ تسلیم اعتراض دادخواست خود را به مرجع قضایی تقدیم نمایند. بدیهی است در صورت انقضای مدت مذکور و عدم وصول اعتراض طبق مقررات سند مالکیت صادر خواهد شد.
تاریخ انتشار نوبت اول: ۱۴۰۵/۰۵/۲۵ تاریخ انتشار نوبت دوم: ۱۴۰۵/۰۶/۰۹
محمود خانعلی زاده-رئیس اداره ثبت اسناد و املاک
آگهی موضوع ماده ۳ قانون و ماده ۱۳ آیین نامه قانون تعیین تکلیف وضعیت ثبتی اراضی و ساختمانهای فاقد سند رسمی
برابر رای شماره ۱۴۰۴۶۰۳۰۶۰۱۲۰۰۱۳۳۲ هیات اول موضوع قانون تعیین تکلیف وضعیت ثبتی اراضی و ساختمانهای فاقد سند رسمی مستقر در واحد ثبتی حوزه ثبت ملک تصرفات مالکانه بلامعارض متقاضی در ششدانگ یک باب خانه به مساحت ۱۲۵ مترمربع پلاک فرعی از اصلی واقع در بخش ثبتی خریداری از مالک رسمی محرز گردیده است. لذا به منظور اطلاع عموم مراتب در دو نوبت به فاصله ۱۵ روز آگهی می شود در صورتی که اشخاص نسبت به صدور سند مالکیت متقاضی اعتراضی داشته باشند می توانند از تاریخ انتشار اولین آگهی به مدت دو ماه اعتراض خود را به این اداره تسلیم و پس از اخذ رسید ظرف مدت یک ماه از تاریخ تسلیم اعتراض دادخواست خود را به مرجع قضایی تقدیم نمایند. بدیهی است در صورت انقضای مدت مذکور و عدم وصول اعتراض طبق مقررات سند مالکیت صادر خواهد شد.
تاریخ انتشار نوبت اول: ۱۴۰۵/۰۵/۲۵ تاریخ انتشار نوبت دوم: ۱۴۰۵/۰۶/۰۹
محمود خانعلی زاده
آگهی موضوع ماده ۳ قانون و ماده ۱۳ آیین نامه قانون تعیین تکلیف وضعیت ثبتی اراضی و ساختمانهای فاقد سند رسمی
برابر رای شماره ۱۴۰۴۶۰۳۰۶۰۱۲۰۰۱۳۳۲ هیات اول موضوع قانون تعیین تکلیف وضعیت ثبتی اراضی و ساختمانهای فاقد سند رسمی مستقر در واحد ثبتی حوزه ثبت ملک تصرفات مالکانه بلامعارض متقاضی در ششدانگ یک باب خانه به مساحت ۱۲۵ مترمربع پلاک فرعی از اصلی واقع در بخش ثبتی خریداری از مالک رسمی محرز گردیده است. لذا به منظور اطلاع عموم مراتب در دو نوبت به فاصله ۱۵ روز آگهی می شود در صورتی که اشخاص نسبت به صدور سند مالکیت متقاضی اعتراضی داشته باشند می توانند از تاریخ انتشار اولین آگهی به مدت دو ماه اعتراض خود را به این اداره تسلیم و پس از اخذ رسید ظرف مدت یک ماه از تاریخ تسلیم اعتراض دادخواست خود را به مرجع قضایی تقدیم نمایند. بدیهی است در صورت انقضای مدت مذکور و عدم وصول اعتراض طبق مقررات سند مالکیت صادر خواهد شد.
تاریخ انتشار نوبت اول: ۱۴۰۵/۰۵/۲۵ تاریخ انتشار نوبت دوم: ۱۴۰۵/۰۶/۰۹
رئیس ثبت اسناد و املاک
آگهی موضوع ماده ۳ قانون و ماده ۱۳ آیین نامه قانون تعیین تکلیف وضعیت ثبتی اراضی و ساختمانهای فاقد سند رسمی
برابر رای شماره ۱۴۰۴۶۰۳۰۶۰۱۲۰۰۱۳۳۲ هیات اول موضوع قانون تعیین تکلیف وضعیت ثبتی اراضی و ساختمانهای فاقد سند رسمی مستقر در واحد ثبتی حوزه ثبت ملک تصرفات مالکانه بلامعارض متقاضی در ششدانگ یک باب خانه به مساحت ۱۲۵ مترمربع پلاک فرعی از اصلی واقع در بخش ثبتی خریداری از مالک رسمی محرز گردیده است. لذا به منظور اطلاع عموم مراتب در دو نوبت به فاصله ۱۵ روز آگهی می شود در صورتی که اشخاص نسبت به صدور سند مالکیت متقاضی اعتراضی داشته باشند می توانند از تاریخ انتشار اولین آگهی به مدت دو ماه اعتراض خود را به این اداره تسلیم و پس از اخذ رسید ظرف مدت یک ماه از تاریخ تسلیم اعتراض دادخواست خود را به مرجع قضایی تقدیم نمایند. بدیهی است در صورت انقضای مدت مذکور و عدم وصول اعتراض طبق مقررات سند مالکیت صادر خواهد شد.
تاریخ انتشار نوبت اول: ۱۴۰۵/۰۵/۲۵ تاریخ انتشار نوبت دوم: ۱۴۰۵/۰۶/۰۹
رئیس ثبت اسناد و املاک
آگهی موضوع ماده ۳ قانون و ماده ۱۳ آیین نامه قانون تعیین تکلیف وضعیت ثبتی اراضی و ساختمانهای فاقد سند رسمی
برابر رای شماره ۱۴۰۴۶۰۳۰۶۰۱۲۰۰۱۳۳۲ هیات اول موضوع قانون تعیین تکلیف وضعیت ثبتی اراضی و ساختمانهای فاقد سند رسمی مستقر در واحد ثبتی حوزه ثبت ملک تصرفات مالکانه بلامعارض متقاضی در ششدانگ یک باب خانه به مساحت ۱۲۵ مترمربع پلاک فرعی از اصلی واقع در بخش ثبتی خریداری از مالک رسمی محرز گردیده است. لذا به منظور اطلاع عموم مراتب در دو نوبت به فاصله ۱۵ روز آگهی می شود در صورتی که اشخاص نسبت به صدور سند مالکیت متقاضی اعتراضی داشته باشند می توانند از تاریخ انتشار اولین آگهی به مدت دو ماه اعتراض خود را به این اداره تسلیم و پس از اخذ رسید ظرف مدت یک ماه از تاریخ تسلیم اعتراض دادخواست خود را به مرجع قضایی تقدیم نمایند. بدیهی است در صورت انقضای مدت مذکور و عدم وصول اعتراض طبق مقررات سند مالکیت صادر خواهد شد.
تاریخ انتشار نوبت اول: ۱۴۰۵/۰۵/۲۵ تاریخ انتشار نوبت دوم: ۱۴۰۵/۰۶/۰۹
جلیل هاشمی کلاسرایی
آگهی موضوع ماده ۳ قانون و ماده ۱۳ آیین نامه قانون تعیین تکلیف وضعیت ثبتی اراضی و ساختمانهای فاقد سند رسمی
برابر رای شماره ۱۴۰۴۶۰۳۰۶۰۱۲۰۰۱۳۳۲ هیات اول موضوع قانون تعیین تکلیف وضعیت ثبتی اراضی و ساختمانهای فاقد سند رسمی مستقر در واحد ثبتی حوزه ثبت ملک تصرفات مالکانه بلامعارض متقاضی در ششدانگ یک باب خانه به مساحت ۱۲۵ مترمربع پلاک فرعی از اصلی واقع در بخش ثبتی خریداری از مالک رسمی محرز گردیده است. لذا به منظور اطلاع عموم مراتب در دو نوبت به فاصله ۱۵ روز آگهی می شود در صورتی که اشخاص نسبت به صدور سند مالکیت متقاضی اعتراضی داشته باشند می توانند از تاریخ انتشار اولین آگهی به مدت دو ماه اعتراض خود را به این اداره تسلیم و پس از اخذ رسید ظرف مدت یک ماه از تاریخ تسلیم اعتراض دادخواست خود را به مرجع قضایی تقدیم نمایند. بدیهی است در صورت انقضای مدت مذکور و عدم وصول اعتراض طبق مقررات سند مالکیت صادر خواهد شد.
تاریخ انتشار نوبت اول: ۱۴۰۵/۰۵/۲۵ تاریخ انتشار نوبت دوم: ۱۴۰۵/۰۶/۰۹
رئیس ثبت اسناد و املاک
آگهی موضوع ماده ۳ قانون و ماده ۱۳ آیین نامه قانون تعیین تکلیف وضعیت ثبتی اراضی و ساختمانهای فاقد سند رسمی
برابر رای شماره ۱۴۰۴۶۰۳۰۶۰۱۲۰۰۱۳۳۲ هیات اول موضوع قانون تعیین تکلیف وضعیت ثبتی اراضی و ساختمانهای فاقد سند رسمی مستقر در واحد ثبتی حوزه ثبت ملک تصرفات مالکانه بلامعارض متقاضی در ششدانگ یک باب خانه به مساحت ۱۲۵ مترمربع پلاک فرعی از اصلی واقع در بخش ثبتی خریداری از مالک رسمی محرز گردیده است. لذا به منظور اطلاع عموم مراتب در دو نوبت به فاصله ۱۵ روز آگهی می شود در صورتی که اشخاص نسبت به صدور سند مالکیت متقاضی اعتراضی داشته باشند می توانند از تاریخ انتشار اولین آگهی به مدت دو ماه اعتراض خود را به این اداره تسلیم و پس از اخذ رسید ظرف مدت یک ماه از تاریخ تسلیم اعتراض دادخواست خود را به مرجع قضایی تقدیم نمایند. بدیهی است در صورت انقضای مدت مذکور و عدم وصول اعتراض طبق مقررات سند مالکیت صادر خواهد شد.
تاریخ انتشار نوبت اول: ۱۴۰۵/۰۵/۲۵ تاریخ انتشار نوبت دوم: ۱۴۰۵/۰۶/۰۹
رئیس ثبت اسناد و املاک
آگهی موضوع ماده ۳ قانون و ماده ۱۳ آیین نامه قانون تعیین تکلیف وضعیت ثبتی اراضی و ساختمانهای فاقد سند رسمی
برابر رای شماره ۱۴۰۴۶۰۳۰۶۰۱۲۰۰۱۳۳۲ هیات اول موضوع قانون تعیین تکلیف وضعیت ثبتی اراضی و ساختمانهای فاقد سند رسمی مستقر در واحد ثبتی حوزه ثبت ملک تصرفات مالکانه بلامعارض متقاضی در ششدانگ یک باب خانه به مساحت ۱۲۵ مترمربع پلاک فرعی از اصلی واقع در بخش ثبتی خریداری از مالک رسمی محرز گردیده است. لذا به منظور اطلاع عموم مراتب در دو نوبت به فاصله ۱۵ روز آگهی می شود در صورتی که اشخاص نسبت به صدور سند مالکیت متقاضی اعتراضی داشته باشند می توانند از تاریخ انتشار اولین آگهی به مدت دو ماه اعتراض خود را به این اداره تسلیم و پس از اخذ رسید ظرف مدت یک ماه از تاریخ تسلیم اعتراض دادخواست خود را به مرجع قضایی تقدیم نمایند. بدیهی است در صورت انقضای مدت مذکور و عدم وصول اعتراض طبق مقررات سند مالکیت صادر خواهد شد.
تاریخ انتشار نوبت اول: ۱۴۰۵/۰۵/۲۵ تاریخ انتشار نوبت دوم: ۱۴۰۵/۰۶/۰۹
رئیس ثبت اسناد و املاک
آگهی موضوع ماده ۳ قانون و ماده ۱۳ آیین نامه قانون تعیین تکلیف وضعیت ثبتی اراضی و ساختمانهای فاقد سند رسمی
برابر رای شماره ۱۴۰۴۶۰۳۰۶۰۱۲۰۰۱۳۳۲ هیات اول موضوع قانون تعیین تکلیف وضعیت ثبتی اراضی و ساختمانهای فاقد سند رسمی مستقر در واحد ثبتی حوزه ثبت ملک تصرفات مالکانه بلامعارض متقاضی در ششدانگ یک باب خانه به مساحت ۱۲۵ مترمربع پلاک فرعی از اصلی واقع در بخش ثبتی خریداری از مالک رسمی محرز گردیده است. لذا به منظور اطلاع عموم مراتب در دو نوبت به فاصله ۱۵ روز آگهی می شود در صورتی که اشخاص نسبت به صدور سند مالکیت متقاضی اعتراضی داشته باشند می توانند از تاریخ انتشار اولین آگهی به مدت دو ماه اعتراض خود را به این اداره تسلیم و پس از اخذ رسید ظرف مدت یک ماه از تاریخ تسلیم اعتراض دادخواست خود را به مرجع قضایی تقدیم نمایند. بدیهی است در صورت انقضای مدت مذکور و عدم وصول اعتراض طبق مقررات سند مالکیت صادر خواهد شد.
تاریخ انتشار نوبت اول: ۱۴۰۵/۰۵/۲۵ تاریخ انتشار نوبت دوم: ۱۴۰۵/۰۶/۰۹
رئیس ثبت اسناد و املاک
آگهی موضوع ماده ۳ قانون و ماده ۱۳ آیین نامه قانون تعیین تکلیف وضعیت ثبتی اراضی و ساختمانهای فاقد سند رسمی
برابر رای شماره ۱۴۰۴۶۰۳۰۶۰۱۲۰۰۱۳۳۲ هیات اول موضوع قانون تعیین تکلیف وضعیت ثبتی اراضی و ساختمانهای فاقد سند رسمی مستقر در واحد ثبتی حوزه ثبت ملک تصرفات مالکانه بلامعارض متقاضی در ششدانگ یک باب خانه به مساحت ۱۲۵ مترمربع پلاک فرعی از اصلی واقع در بخش ثبتی خریداری از مالک رسمی محرز گردیده است. لذا به منظور اطلاع عموم مراتب در دو نوبت به فاصله ۱۵ روز آگهی می شود در صورتی که اشخاص نسبت به صدور سند مالکیت متقاضی اعتراضی داشته باشند می توانند از تاریخ انتشار اولین آگهی به مدت دو ماه اعتراض خود را به این اداره تسلیم و پس از اخذ رسید ظرف مدت یک ماه از تاریخ تسلیم اعتراض دادخواست خود را به مرجع قضایی تقدیم نمایند. بدیهی است در صورت انقضای مدت مذکور و عدم وصول اعتراض طبق مقررات سند مالکیت صادر خواهد شد.
تاریخ انتشار نوبت اول: ۱۴۰۵/۰۵/۲۵ تاریخ انتشار نوبت دوم: ۱۴۰۵/۰۶/۰۹
سید هاشم موسوی
آگهی موضوع ماده ۳ قانون و ماده ۱۳ آیین نامه قانون تعیین تکلیف وضعیت ثبتی اراضی و ساختمانهای فاقد سند رسمی
برابر رای شماره ۱۴۰۴۶۰۳۰۶۰۱۲۰۰۱۳۳۲ هیات اول موضوع قانون تعیین تکلیف وضعیت ثبتی اراضی و ساختمانهای فاقد سند رسمی مستقر در واحد ثبتی حوزه ثبت ملک تصرفات مالکانه بلامعارض متقاضی در ششدانگ یک باب خانه به مساحت ۱۲۵ مترمربع پلاک فرعی از اصلی واقع در بخش ثبتی خریداری از مالک رسمی محرز گردیده است. لذا به منظور اطلاع عموم مراتب در دو نوبت به فاصله ۱۵ روز آگهی می شود در صورتی که اشخاص نسبت به صدور سند مالکیت متقاضی اعتراضی داشته باشند می توانند از تاریخ انتشار اولین آگهی به مدت دو ماه اعتراض خود را به این اداره تسلیم و پس از اخذ رسید ظرف مدت یک ماه از تاریخ تسلیم اعتراض دادخواست خود را به مرجع قضایی تقدیم نمایند. بدیهی است در صورت انقضای مدت مذکور و عدم وصول اعتراض طبق مقررات سند مالکیت صادر خواهد شد.
تاریخ انتشار نوبت اول: ۱۴۰۵/۰۵/۲۵ تاریخ انتشار نوبت دوم: ۱۴۰۵/۰۶/۰۹
سید هاشم موسوی-رئیس ثبت اسناد و املاک
آگهی موضوع ماده ۳ قانون و ماده ۱۳ آیین نامه قانون تعیین تکلیف وضعیت ثبتی اراضی و ساختمانهای فاقد سند رسمی
برابر رای شماره ۱۴۰۴۶۰۳۰۶۰۱۲۰۰۱۳۳۲ هیات اول موضوع قانون تعیین تکلیف وضعیت ثبتی اراضی و ساختمانهای فاقد سند رسمی مستقر در واحد ثبتی حوزه ثبت ملک تصرفات مالکانه بلامعارض متقاضی در ششدانگ یک باب خانه به مساحت ۱۲۵ مترمربع پلاک فرعی از اصلی واقع در بخش ثبتی خریداری از مالک رسمی محرز گردیده است. لذا به منظور اطلاع عموم مراتب در دو نوبت به فاصله ۱۵ روز آگهی می شود در صورتی که اشخاص نسبت به صدور سند مالکیت متقاضی اعتراضی داشته باشند می توانند از تاریخ انتشار اولین آگهی به مدت دو ماه اعتراض خود را به این اداره تسلیم و پس از اخذ رسید ظرف مدت یک ماه از تاریخ تسلیم اعتراض دادخواست خود را به مرجع قضایی تقدیم نمایند. بدیهی است در صورت انقضای مدت مذکور و عدم وصول اعتراض طبق مقررات سند مالکیت صادر خواهد شد.
تاریخ انتشار نوبت اول: ۱۴۰۵/۰۵/۲۵ تاریخ انتشار نوبت دوم: ۱۴۰۵/۰۶/۰۹
سید هاشم موسوی-رئیس ثبت اسناد و املاک
آگهی موضوع ماده ۳ قانون و ماده ۱۳ آیین نامه قانون تعیین تکلیف وضعیت ثبتی اراضی و ساختمانهای فاقد سند رسمی
برابر رای شماره ۱۴۰۴۶۰۳۰۶۰۱۲۰۰۱۳۳۲ هیات اول موضوع قانون تعیین تکلیف وضعیت ثبتی اراضی و ساختمانهای فاقد سند رسمی مستقر در واحد ثبتی حوزه ثبت ملک تصرفات مالکانه بلامعارض متقاضی در ششدانگ یک باب خانه به مساحت ۱۲۵ مترمربع پلاک فرعی از اصلی واقع در بخش ثبتی خریداری از مالک رسمی محرز گردیده است. لذا به منظور اطلاع عموم مراتب در دو نوبت به فاصله ۱۵ روز آگهی می شود در صورتی که اشخاص نسبت به صدور سند مالکیت متقاضی اعتراضی داشته باشند می توانند از تاریخ انتشار اولین آگهی به مدت دو ماه اعتراض خود را به این اداره تسلیم و پس از اخذ رسید ظرف مدت یک ماه از تاریخ تسلیم اعتراض دادخواست خود را به مرجع قضایی تقدیم نمایند. بدیهی است در صورت انقضای مدت مذکور و عدم وصول اعتراض طبق مقررات سند مالکیت صادر خواهد شد.
تاریخ انتشار نوبت اول: ۱۴۰۵/۰۵/۲۵ تاریخ انتشار نوبت دوم: ۱۴۰۵/۰۶/۰۹
بهمن سارانی-رئیس ثبت اسناد و املاک کلاله
آگهی موضوع ماده ۳ قانون و ماده ۱۳ آیین نامه قانون تعیین تکلیف وضعیت ثبتی اراضی و ساختمانهای فاقد سند رسمی
برابر رای شماره ۱۴۰۴۶۰۳۰۶۰۱۲۰۰۱۳۳۲ هیات اول موضوع قانون تعیین تکلیف وضعیت ثبتی اراضی و ساختمانهای فاقد سند رسمی مستقر در واحد ثبتی حوزه ثبت ملک تصرفات مالکانه بلامعارض متقاضی در ششدانگ یک باب خانه به مساحت ۱۲۵ مترمربع پلاک فرعی از اصلی واقع در بخش ثبتی خریداری از مالک رسمی محرز گردیده است. لذا به منظور اطلاع عموم مراتب در دو نوبت به فاصله ۱۵ روز آگهی می شود در صورتی که اشخاص نسبت به صدور سند مالکیت متقاضی اعتراضی داشته باشند می توانند از تاریخ انتشار اولین آگهی به مدت دو ماه اعتراض خود را به این اداره تسلیم و پس از اخذ رسید ظرف مدت یک ماه از تاریخ تسلیم اعتراض دادخواست خود را به مرجع قضایی تقدیم نمایند. بدیهی است در صورت انقضای مدت مذکور و عدم وصول اعتراض طبق مقررات سند مالکیت صادر خواهد شد.
تاریخ انتشار نوبت اول: ۱۴۰۵/۰۵/۲۵ تاریخ انتشار نوبت دوم: ۱۴۰۵/۰۶/۰۹
رئیس شعبه اداره کل تعزیرات حکومتی
آگهی موضوع ماده ۳ قانون و ماده ۱۳ آیین نامه قانون تعیین تکلیف وضعیت ثبتی اراضی و ساختمانهای فاقد سند رسمی
برابر رای شماره ۱۴۰۴۶۰۳۰۶۰۱۲۰۰۱۳۳۲ هیات اول موضوع قانون تعیین تکلیف وضعیت ثبتی اراضی و ساختمانهای فاقد سند رسمی مستقر در واحد ثبتی حوزه ثبت ملک تصرفات مالکانه بلامعارض متقاضی در ششدانگ یک باب خانه به مساحت ۱۲۵ مترمربع پلاک فرعی از اصلی واقع در بخش ثبتی خریداری از مالک رسمی محرز گردیده است. لذا به منظور اطلاع عموم مراتب در دو نوبت به فاصله ۱۵ روز آگهی می شود در صورتی که اشخاص نسبت به صدور سند مالکیت متقاضی اعتراضی داشته باشند می توانند از تاریخ انتشار اولین آگهی به مدت دو ماه اعتراض خود را به این اداره تسلیم و پس از اخذ رسید ظرف مدت یک ماه از تاریخ تسلیم اعتراض دادخواست خود را به مرجع قضایی تقدیم نمایند. بدیهی است در صورت انقضای مدت مذکور و عدم وصول اعتراض طبق مقررات سند مالکیت صادر خواهد شد.
تاریخ انتشار نوبت اول: ۱۴۰۵/۰۵/۲۵ تاریخ انتشار نوبت دوم: ۱۴۰۵/۰۶/۰۹
رئیس شعبه دوم تعزیرات حکومتی
آگهی موضوع ماده ۳ قانون و ماده ۱۳ آیین نامه قانون تعیین تکلیف وضعیت ثبتی اراضی و ساختمانهای فاقد سند رسمی
برابر رای شماره ۱۴۰۴۶۰۳۰۶۰۱۲۰۰۱۳۳۲ هیات اول موضوع قانون تعیین تکلیف وضعیت ثبتی اراضی و ساختمانهای فاقد سند رسمی مستقر در واحد ثبتی حوزه ثبت ملک تصرفات مالکانه بلامعارض متقاضی در ششدانگ یک باب خانه به مساحت ۱۲۵ مترمربع پلاک فرعی از اصلی واقع در بخش ثبتی خریداری از مالک رسمی محرز گردیده است. لذا به منظور اطلاع عموم مراتب در دو نوبت به فاصله ۱۵ روز آگهی می شود در صورتی که اشخاص نسبت به صدور سند مالکیت متقاضی اعتراضی داشته باشند می توانند از تاریخ انتشار اولین آگهی به مدت دو ماه اعتراض خود را به این اداره تسلیم و پس از اخذ رسید ظرف مدت یک ماه از تاریخ تسلیم اعتراض دادخواست خود را به مرجع قضایی تقدیم نمایند. بدیهی است در صورت انقضای مدت مذکور و عدم وصول اعتراض طبق مقررات سند مالکیت صادر خواهد شد.
تاریخ انتشار نوبت اول: ۱۴۰۵/۰۵/۲۵ تاریخ انتشار نوبت دوم: ۱۴۰۵/۰۶/۰۹
رئیس شعبه اداره کل تعزیرات حکومتی
آگهی موضوع ماده ۳ قانون و ماده ۱۳ آیین نامه قانون تعیین تکلیف وضعیت ثبتی اراضی و ساختمانهای فاقد سند رسمی
برابر رای شماره ۱۴۰۴۶۰۳۰۶۰۱۲۰۰۱۳۳۲ هیات اول موضوع قانون تعیین تکلیف وضعیت ثبتی اراضی و ساختمانهای فاقد سند رسمی مستقر در واحد ثبتی حوزه ثبت ملک تصرفات مالکانه بلامعارض متقاضی در ششدانگ یک باب خانه به مساحت ۱۲۵ مترمربع پلاک فرعی از اصلی واقع در بخش ثبتی خریداری از مالک رسمی محرز گردیده است. لذا به منظور اطلاع عموم مراتب در دو نوبت به فاصله ۱۵ روز آگهی می شود در صورتی که اشخاص نسبت به صدور سند مالکیت متقاضی اعتراضی داشته باشند می توانند از تاریخ انتشار اولین آگهی به مدت دو ماه اعتراض خود را به این اداره تسلیم و پس از اخذ رسید ظرف مدت یک ماه از تاریخ تسلیم اعتراض دادخواست خود را به مرجع قضایی تقدیم نمایند. بدیهی است در صورت انقضای مدت مذکور و عدم وصول اعتراض طبق مقررات سند مالکیت صادر خواهد شد.
تاریخ انتشار نوبت اول: ۱۴۰۵/۰۵/۲۵ تاریخ انتشار نوبت دوم: ۱۴۰۵/۰۶/۰۹
علی محمدی-رئیس ثبت اسناد و املاک شهرستان
آگهی موضوع ماده ۳ قانون و ماده ۱۳ آیین نامه قانون تعیین تکلیف وضعیت ثبتی اراضی و ساختمانهای فاقد سند رسمی
برابر رای شماره ۱۴۰۴۶۰۳۰۶۰۱۲۰۰۱۳۳۲ هیات اول موضوع قانون تعیین تکلیف وضعیت ثبتی اراضی و ساختمانهای فاقد سند رسمی مستقر در واحد ثبتی حوزه ثبت ملک تصرفات مالکانه بلامعارض متقاضی در ششدانگ یک باب خانه به مساحت ۱۲۵ مترمربع پلاک فرعی از اصلی واقع در بخش ثبتی خریداری از مالک رسمی محرز گردیده است. لذا به منظور اطلاع عموم مراتب در دو نوبت به فاصله ۱۵ روز آگهی می شود در صورتی که اشخاص نسبت به صدور سند مالکیت متقاضی اعتراضی داشته باشند می توانند از تاریخ انتشار اولین آگهی به مدت دو ماه اعتراض خود را به این اداره تسلیم و پس از اخذ رسید ظرف مدت یک ماه از تاریخ تسلیم اعتراض دادخواست خود را به مرجع قضایی تقدیم نمایند. بدیهی است در صورت انقضای مدت مذکور و عدم وصول اعتراض طبق مقررات سند مالکیت صادر خواهد شد.
تاریخ انتشار نوبت اول: ۱۴۰۵/۰۵/۲۵ تاریخ انتشار نوبت دوم: ۱۴۰۵/۰۶/۰۹
رئیس ثبت اسناد و املاک
آگهی موضوع ماده ۳ قانون و ماده ۱۳ آیین نامه قانون تعیین تکلیف وضعیت ثبتی اراضی و ساختمانهای فاقد سند رسمی
برابر رای شماره ۱۴۰۴۶۰۳۰۶۰۱۲۰۰۱۳۳۲ هیات اول موضوع قانون تعیین تکلیف وضعیت ثبتی اراضی و ساختمانهای فاقد سند رسمی مستقر در واحد ثبتی حوزه ثبت ملک تصرفات مالکانه بلامعارض متقاضی در ششدانگ یک باب خانه به مساحت ۱۲۵ مترمربع پلاک فرعی از اصلی واقع در بخش ثبتی خریداری از مالک رسمی محرز گردیده است. لذا به منظور اطلاع عموم مراتب در دو نوبت به فاصله ۱۵ روز آگهی می شود در صورتی که اشخاص نسبت به صدور سند مالکیت متقاضی اعتراضی داشته باشند می توانند از تاریخ انتشار اولین آگهی به مدت دو ماه اعتراض خود را به این اداره تسلیم و پس از اخذ رسید ظرف مدت یک ماه از تاریخ تسلیم اعتراض دادخواست خود را به مرجع قضایی تقدیم نمایند. بدیهی است در صورت انقضای مدت مذکور و عدم وصول اعتراض طبق مقررات سند مالکیت صادر خواهد شد.
تاریخ انتشار نوبت اول: ۱۴۰۵/۰۵/۲۵ تاریخ انتشار نوبت دوم: ۱۴۰۵/۰۶/۰۹
علی سادانی-رئیس ثبت اسناد و املاک
